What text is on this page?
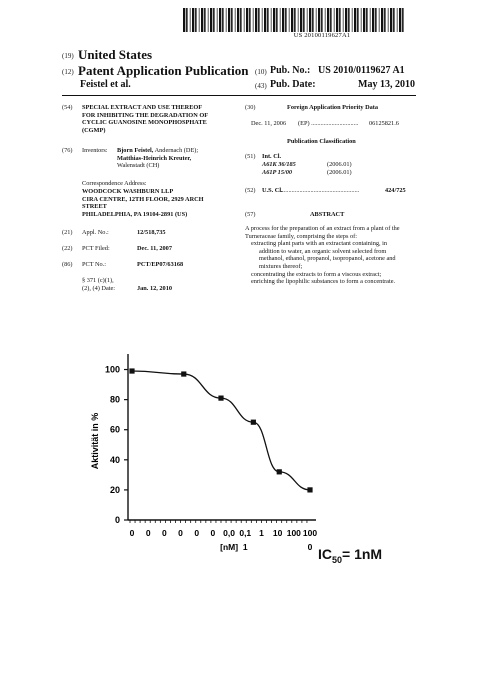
US 20100119627A1
(19) United States
(12) Patent Application Publication
Feistel et al.
(10) Pub. No.: US 2010/0119627 A1
(43) Pub. Date:	May 13, 2010
(54) SPECIAL EXTRACT AND USE THEREOF
FOR INHIBITING THE DEGRADATION OF
CYCLIC GUANOSINE MONOPHOSPHATE
(CGMP)
(76) Inventors: Bjorn Feistel, Andernach (DE);
Matthias-Heinrich Kreuter,
Walenstadt (CH)
Correspondence Address:
WOODCOCK WASHBURN LLP
CIRA CENTRE, 12TH FLOOR, 2929 ARCH
STREET
PHILADELPHIA, PA 19104-2891 (US)
(21) Appl. No.:	12/518,735
(22) PCT Filed:	Dec. 11, 2007
(86) PCT No.:	PCT/EP07/63168
§ 371 (c)(1),
(2), (4) Date:	Jan. 12, 2010
(30)	Foreign Application Priority Data
Dec. 11, 2006 (EP) .............................. 06125821.6
Publication Classification
(51) Int. Cl.
A61K 36/185	(2006.01)
A61P 15/00	(2006.01)
(52) U.S. Cl.
...................................................	424/725
(57)	ABSTRACT
A process for the preparation of an extract from a plant of the
Turneraceae family, comprising the steps of:
extracting plant parts with an extractant containing, in
addition to water, an organic solvent selected from
methanol, ethanol, propanol, isopropanol, acetone and
mixtures thereof;
concentrating the extracts to form a viscous extract;
enriching the lipophilic substances to form a concentrate.
0
20
40
60
80
100
0 0 0 0 0 0 0,0 0,1 1 10 100 100
[nM] 1	0
Aktivität in %
$IC_{50}= 1nM$
